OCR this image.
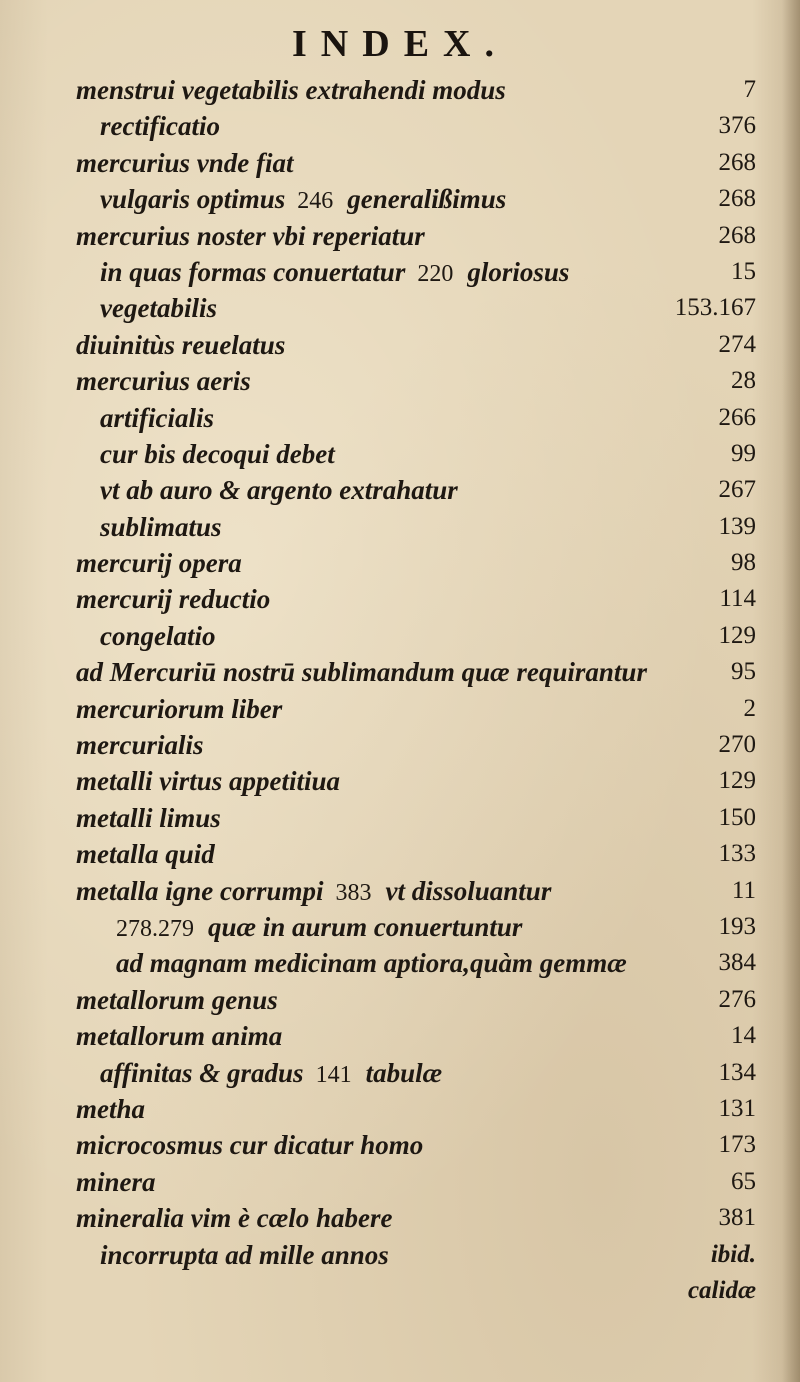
INDEX.
menstrui vegetabilis extrahendi modus	7
rectificatio	376
mercurius vnde fiat	268
vulgaris optimus 246 generalißimus	268
mercurius noster vbi reperiatur	268
in quas formas conuertatur 220 gloriosus	15
vegetabilis	153.167
diuinitùs reuelatus	274
mercurius aeris	28
artificialis	266
cur bis decoqui debet	99
vt ab auro & argento extrahatur	267
sublimatus	139
mercurij opera	98
mercurij reductio	114
congelatio	129
ad Mercuriū nostrū sublimandum quæ requirantur	95
mercuriorum liber	2
mercurialis	270
metalli virtus appetitiua	129
metalli limus	150
metalla quid	133
metalla igne corrumpi 383 vt dissoluantur	11
278.279 quæ in aurum conuertuntur	193
ad magnam medicinam aptiora,quàm gemmæ	384
metallorum genus	276
metallorum anima	14
affinitas & gradus 141 tabulæ	134
metha	131
microcosmus cur dicatur homo	173
minera	65
mineralia vim è cælo habere	381
incorrupta ad mille annos	ibid.
calidæ
